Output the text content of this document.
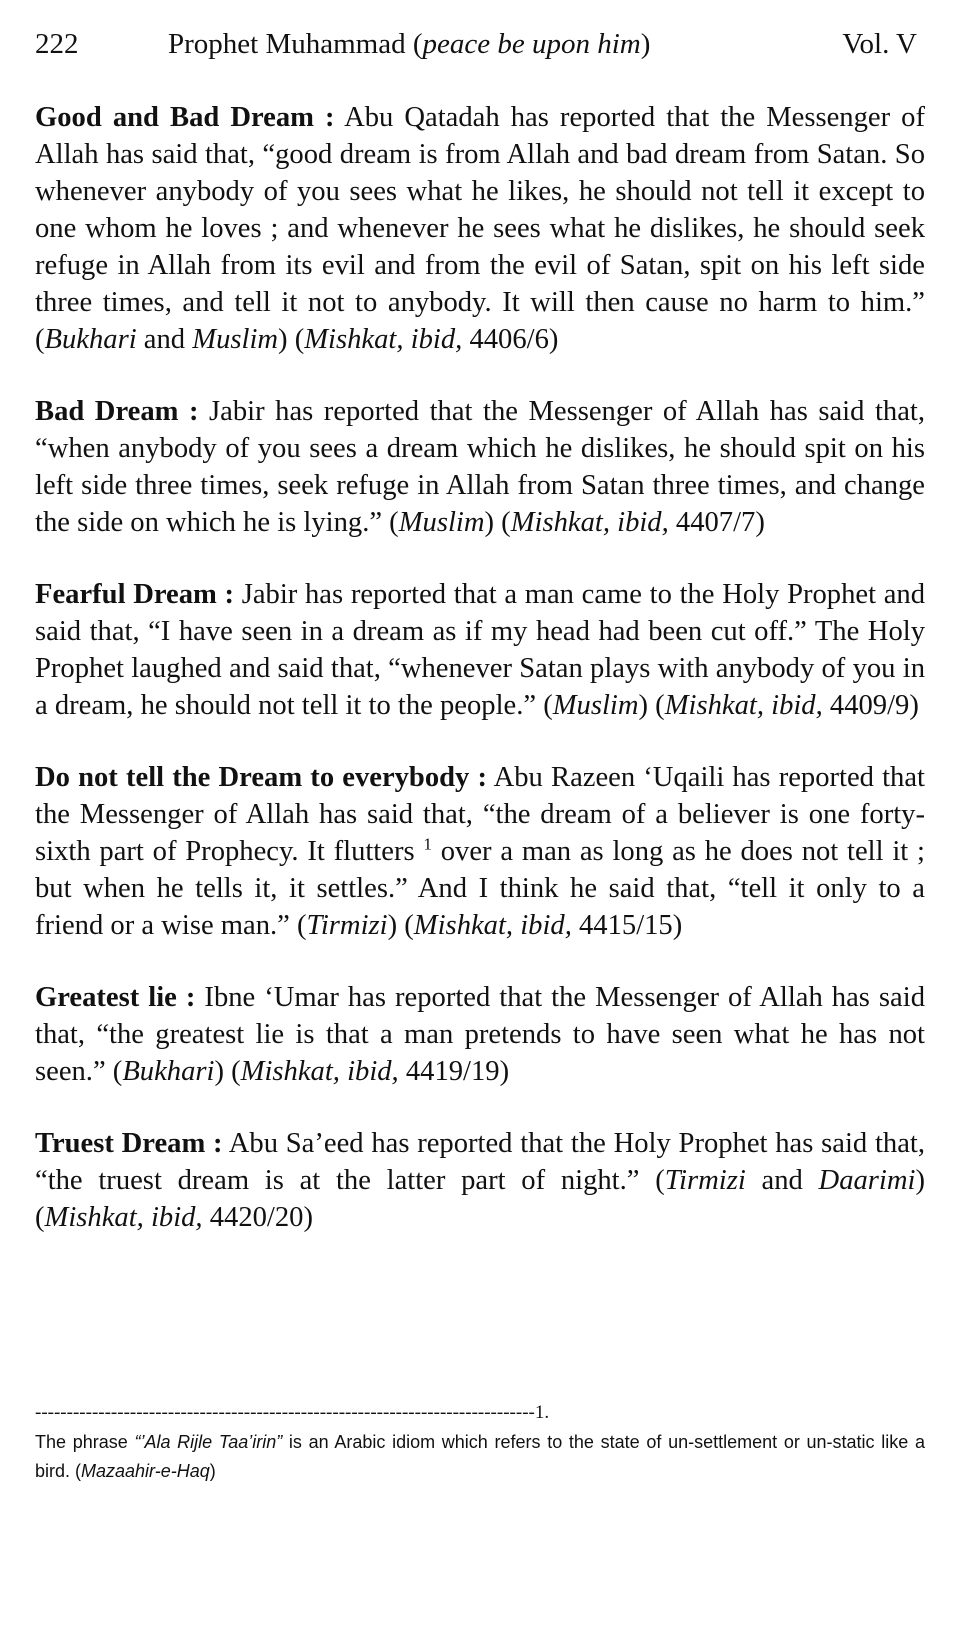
222	Prophet Muhammad (peace be upon him)	Vol. V

Good and Bad Dream : Abu Qatadah has reported that the Messenger of Allah has said that, “good dream is from Allah and bad dream from Satan. So whenever anybody of you sees what he likes, he should not tell it except to one whom he loves ; and whenever he sees what he dislikes, he should seek refuge in Allah from its evil and from the evil of Satan, spit on his left side three times, and tell it not to anybody. It will then cause no harm to him.” (Bukhari and Muslim) (Mishkat, ibid, 4406/6)

Bad Dream : Jabir has reported that the Messenger of Allah has said that, “when anybody of you sees a dream which he dislikes, he should spit on his left side three times, seek refuge in Allah from Satan three times, and change the side on which he is lying.” (Muslim) (Mishkat, ibid, 4407/7)

Fearful Dream : Jabir has reported that a man came to the Holy Prophet and said that, “I have seen in a dream as if my head had been cut off.” The Holy Prophet laughed and said that, “whenever Satan plays with anybody of you in a dream, he should not tell it to the people.” (Muslim) (Mishkat, ibid, 4409/9)

Do not tell the Dream to everybody : Abu Razeen ‘Uqaili has reported that the Messenger of Allah has said that, “the dream of a believer is one forty-sixth part of Prophecy. It flutters $^1$ over a man as long as he does not tell it ; but when he tells it, it settles.” And I think he said that, “tell it only to a friend or a wise man.” (Tirmizi) (Mishkat, ibid, 4415/15)

Greatest lie : Ibne ‘Umar has reported that the Messenger of Allah has said that, “the greatest lie is that a man pretends to have seen what he has not seen.” (Bukhari) (Mishkat, ibid, 4419/19)

Truest Dream : Abu Sa’eed has reported that the Holy Prophet has said that, “the truest dream is at the latter part of night.” (Tirmizi and Daarimi) (Mishkat, ibid, 4420/20)

-------------------------------------------------------------------------------1.
The phrase “’Ala Rijle Taa’irin” is an Arabic idiom which refers to the state of un-settlement or un-static like a bird. (Mazaahir-e-Haq)
